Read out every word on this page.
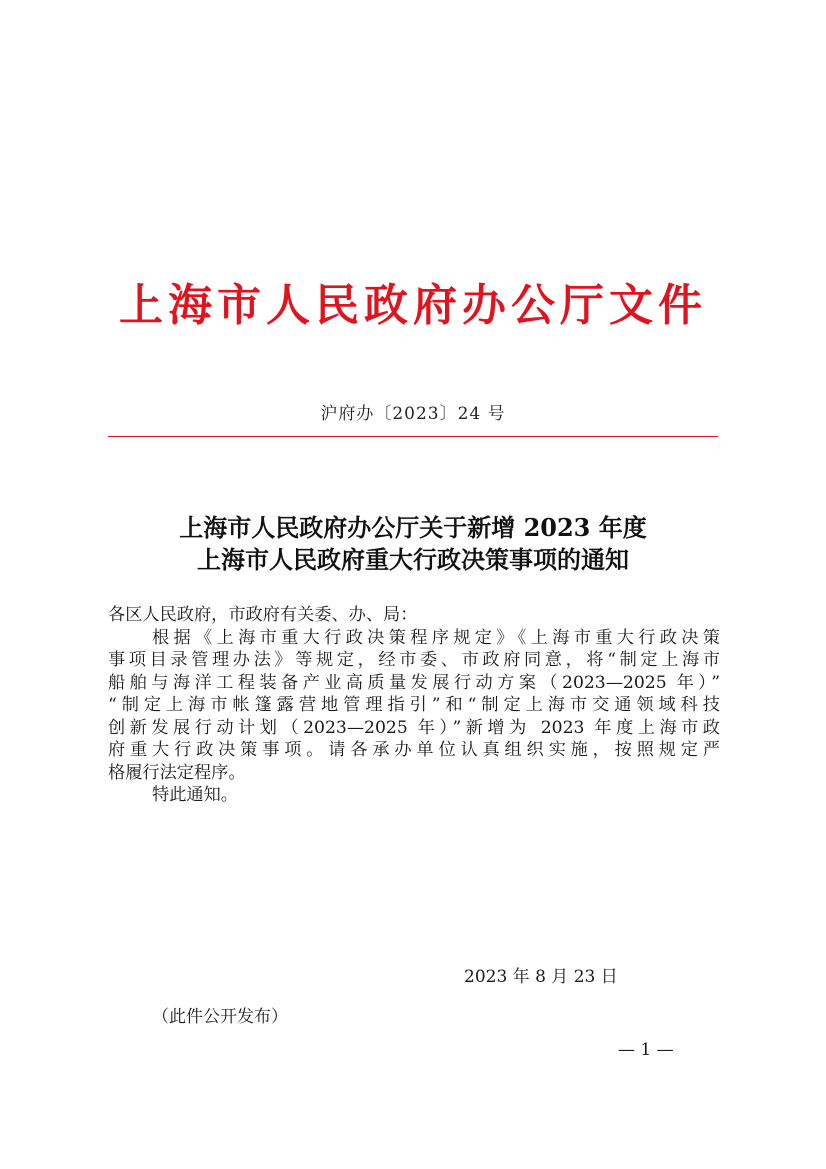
上海市人民政府办公厅文件
沪府办〔2023〕24 号
上海市人民政府办公厅关于新增 2023 年度
上海市人民政府重大行政决策事项的通知
各区人民政府，市政府有关委、办、局：
根据《上海市重大行政决策程序规定》《上海市重大行政决策
事项目录管理办法》等规定，经市委、市政府同意，将“制定上海市
船舶与海洋工程装备产业高质量发展行动方案（2023—2025 年）”
“制定上海市帐篷露营地管理指引”和“制定上海市交通领域科技
创新发展行动计划（2023—2025 年）”新增为 2023 年度上海市政
府重大行政决策事项。请各承办单位认真组织实施，按照规定严
格履行法定程序。
特此通知。
2023 年 8 月 23 日
（此件公开发布）
— 1 —
